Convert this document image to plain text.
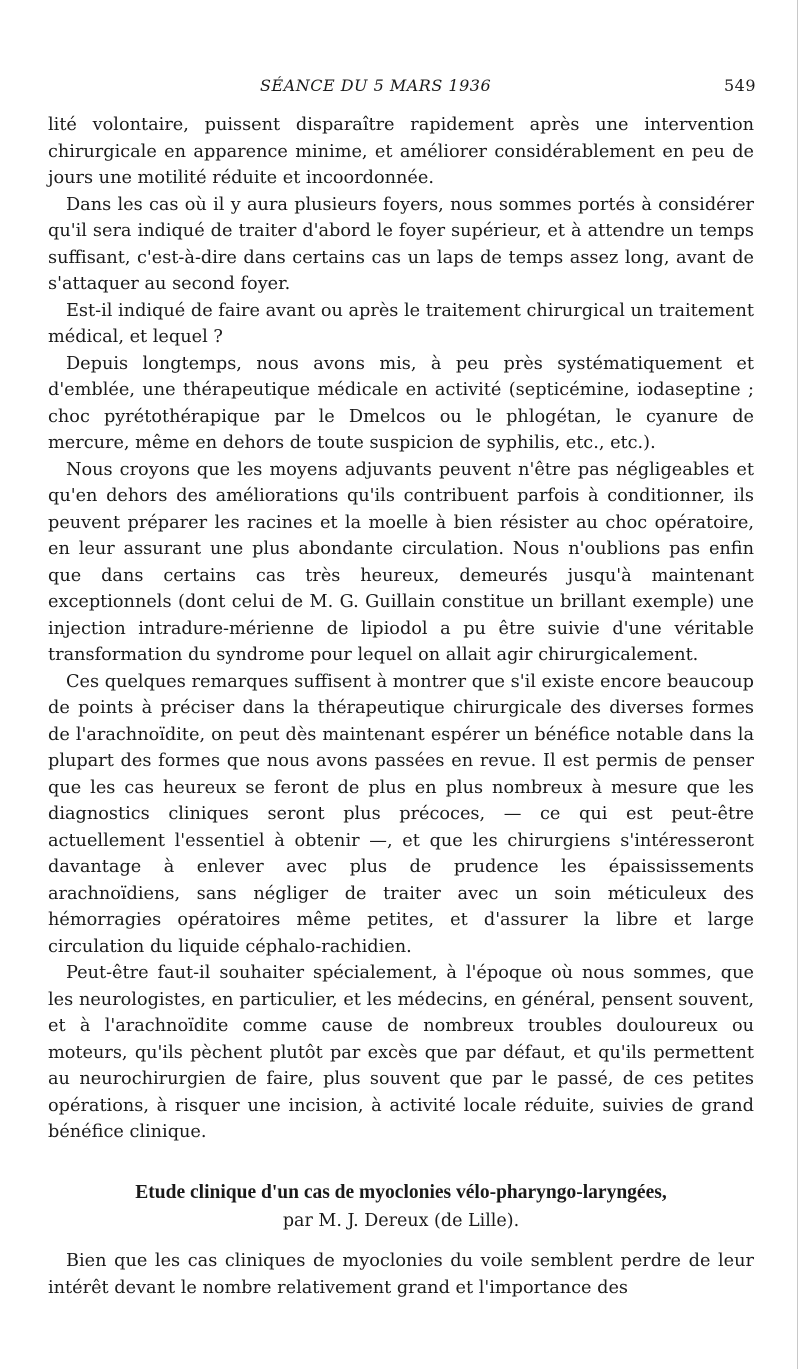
SÉANCE DU 5 MARS 1936	549

lité volontaire, puissent disparaître rapidement après une intervention chirurgicale en apparence minime, et améliorer considérablement en peu de jours une motilité réduite et incoordonnée.

Dans les cas où il y aura plusieurs foyers, nous sommes portés à considérer qu'il sera indiqué de traiter d'abord le foyer supérieur, et à attendre un temps suffisant, c'est-à-dire dans certains cas un laps de temps assez long, avant de s'attaquer au second foyer.

Est-il indiqué de faire avant ou après le traitement chirurgical un traitement médical, et lequel ?

Depuis longtemps, nous avons mis, à peu près systématiquement et d'emblée, une thérapeutique médicale en activité (septicémine, iodaseptine ; choc pyrétothérapique par le Dmelcos ou le phlogétan, le cyanure de mercure, même en dehors de toute suspicion de syphilis, etc., etc.).

Nous croyons que les moyens adjuvants peuvent n'être pas négligeables et qu'en dehors des améliorations qu'ils contribuent parfois à conditionner, ils peuvent préparer les racines et la moelle à bien résister au choc opératoire, en leur assurant une plus abondante circulation. Nous n'oublions pas enfin que dans certains cas très heureux, demeurés jusqu'à maintenant exceptionnels (dont celui de M. G. Guillain constitue un brillant exemple) une injection intradure-mérienne de lipiodol a pu être suivie d'une véritable transformation du syndrome pour lequel on allait agir chirurgicalement.

Ces quelques remarques suffisent à montrer que s'il existe encore beaucoup de points à préciser dans la thérapeutique chirurgicale des diverses formes de l'arachnoïdite, on peut dès maintenant espérer un bénéfice notable dans la plupart des formes que nous avons passées en revue. Il est permis de penser que les cas heureux se feront de plus en plus nombreux à mesure que les diagnostics cliniques seront plus précoces, — ce qui est peut-être actuellement l'essentiel à obtenir —, et que les chirurgiens s'intéresseront davantage à enlever avec plus de prudence les épaississements arachnoïdiens, sans négliger de traiter avec un soin méticuleux des hémorragies opératoires même petites, et d'assurer la libre et large circulation du liquide céphalo-rachidien.

Peut-être faut-il souhaiter spécialement, à l'époque où nous sommes, que les neurologistes, en particulier, et les médecins, en général, pensent souvent, et à l'arachnoïdite comme cause de nombreux troubles douloureux ou moteurs, qu'ils pèchent plutôt par excès que par défaut, et qu'ils permettent au neurochirurgien de faire, plus souvent que par le passé, de ces petites opérations, à risquer une incision, à activité locale réduite, suivies de grand bénéfice clinique.

Etude clinique d'un cas de myoclonies vélo-pharyngo-laryngées,
par M. J. Dereux (de Lille).

Bien que les cas cliniques de myoclonies du voile semblent perdre de leur intérêt devant le nombre relativement grand et l'importance des
